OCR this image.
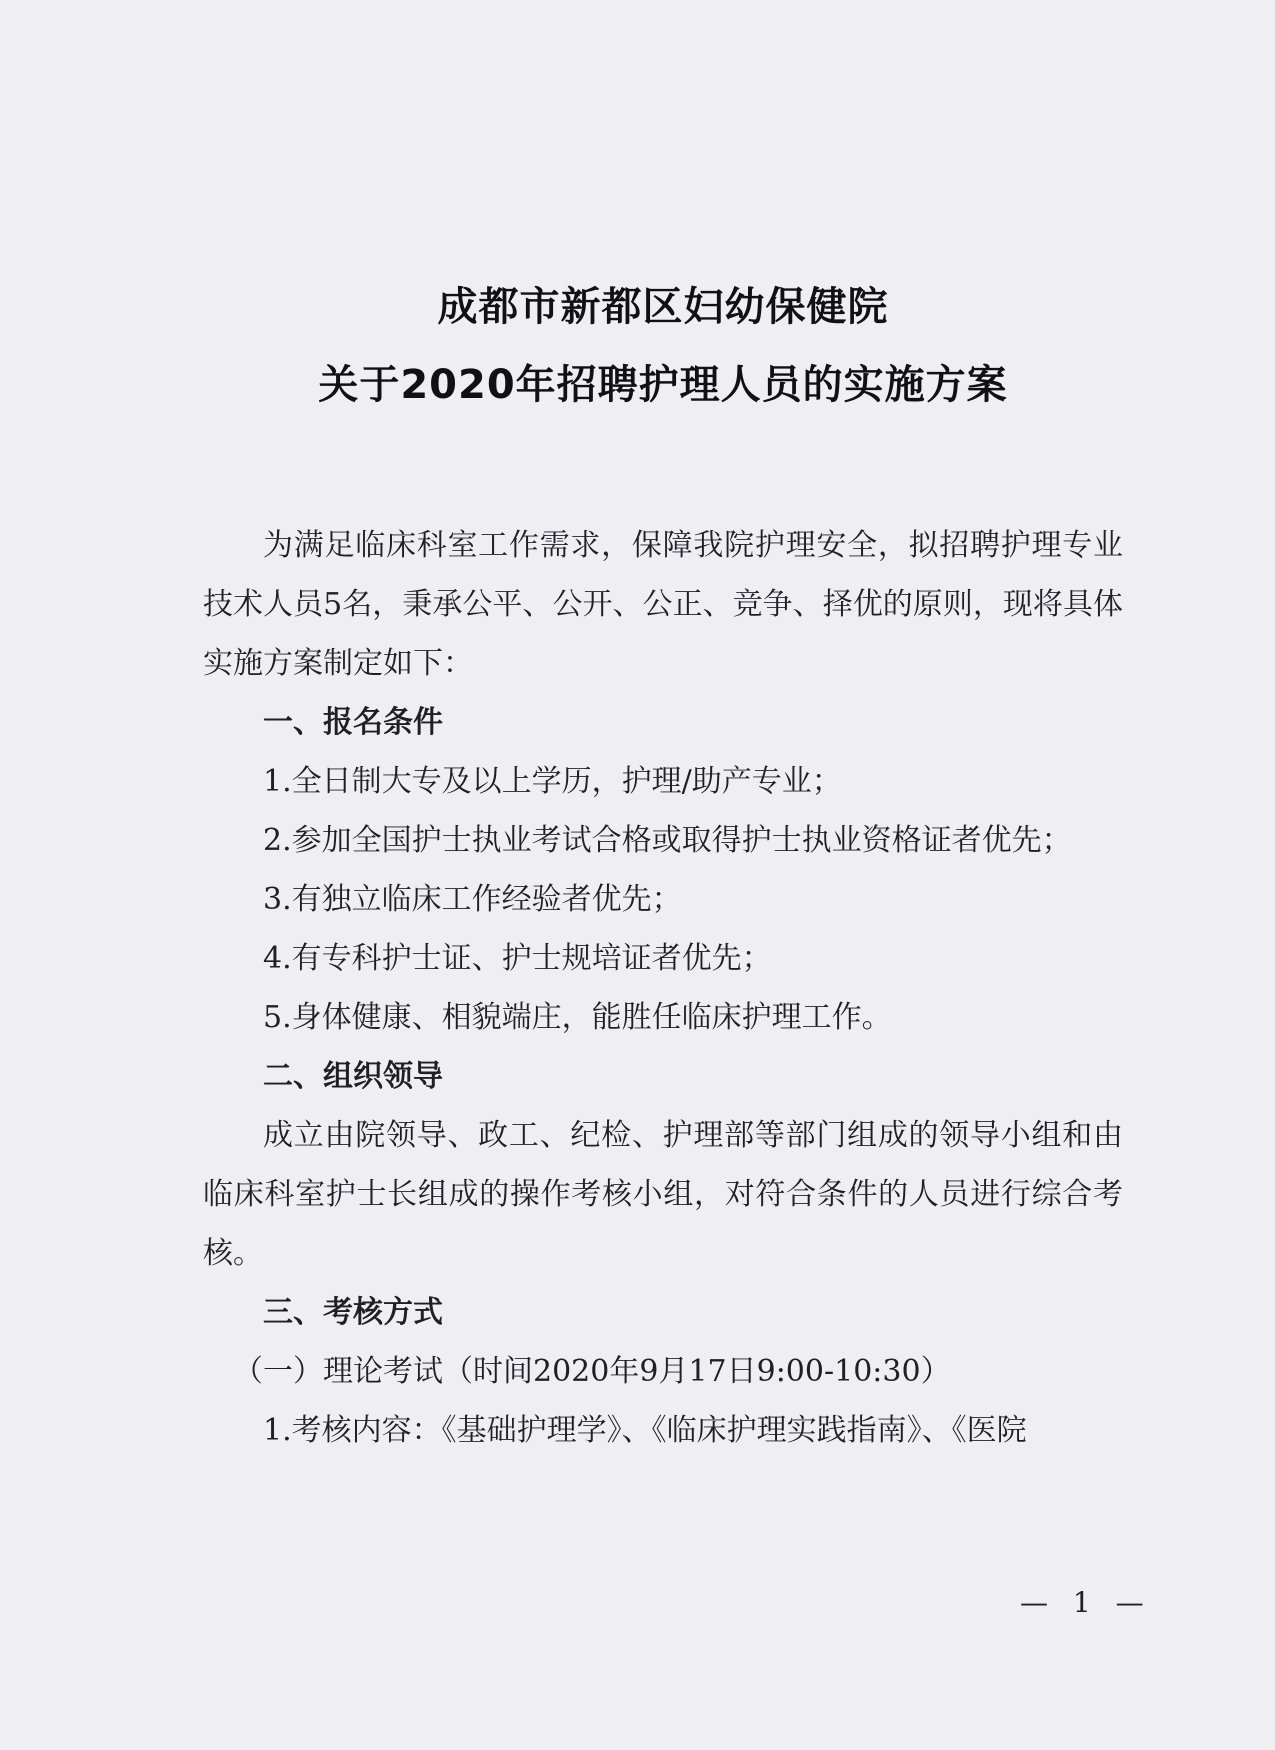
成都市新都区妇幼保健院
关于2020年招聘护理人员的实施方案

为满足临床科室工作需求，保障我院护理安全，拟招聘护理专业技术人员5名，秉承公平、公开、公正、竞争、择优的原则，现将具体实施方案制定如下：

一、报名条件

1.全日制大专及以上学历，护理/助产专业；

2.参加全国护士执业考试合格或取得护士执业资格证者优先；

3.有独立临床工作经验者优先；

4.有专科护士证、护士规培证者优先；

5.身体健康、相貌端庄，能胜任临床护理工作。

二、组织领导

成立由院领导、政工、纪检、护理部等部门组成的领导小组和由临床科室护士长组成的操作考核小组，对符合条件的人员进行综合考核。

三、考核方式

（一）理论考试（时间2020年9月17日9:00-10:30）

1.考核内容：《基础护理学》、《临床护理实践指南》、《医院

— 1 —
